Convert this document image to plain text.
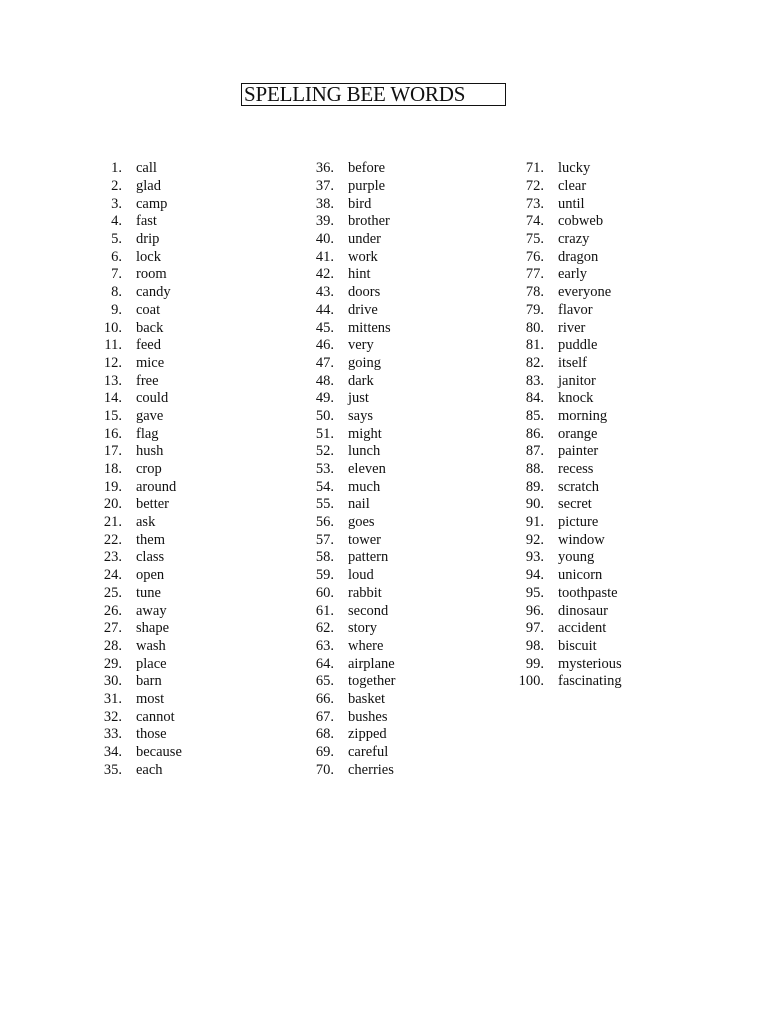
SPELLING BEE WORDS
1. call
2. glad
3. camp
4. fast
5. drip
6. lock
7. room
8. candy
9. coat
10. back
11. feed
12. mice
13. free
14. could
15. gave
16. flag
17. hush
18. crop
19. around
20. better
21. ask
22. them
23. class
24. open
25. tune
26. away
27. shape
28. wash
29. place
30. barn
31. most
32. cannot
33. those
34. because
35. each
36. before
37. purple
38. bird
39. brother
40. under
41. work
42. hint
43. doors
44. drive
45. mittens
46. very
47. going
48. dark
49. just
50. says
51. might
52. lunch
53. eleven
54. much
55. nail
56. goes
57. tower
58. pattern
59. loud
60. rabbit
61. second
62. story
63. where
64. airplane
65. together
66. basket
67. bushes
68. zipped
69. careful
70. cherries
71. lucky
72. clear
73. until
74. cobweb
75. crazy
76. dragon
77. early
78. everyone
79. flavor
80. river
81. puddle
82. itself
83. janitor
84. knock
85. morning
86. orange
87. painter
88. recess
89. scratch
90. secret
91. picture
92. window
93. young
94. unicorn
95. toothpaste
96. dinosaur
97. accident
98. biscuit
99. mysterious
100. fascinating
